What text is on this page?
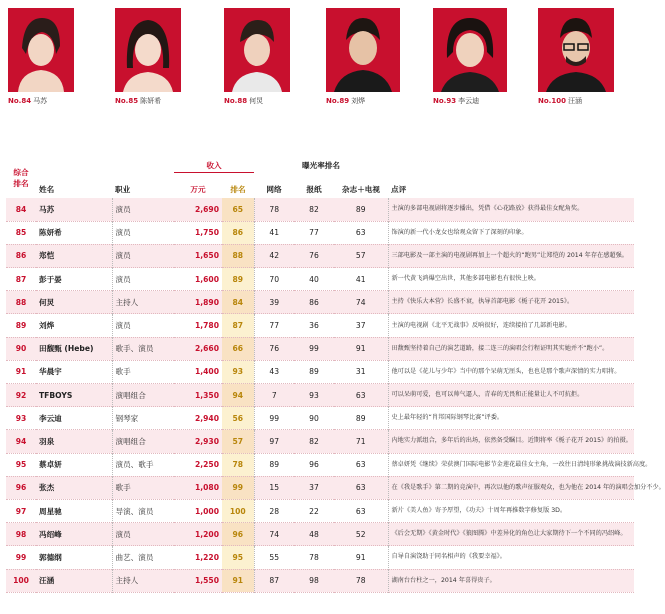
No.84 马苏	No.85 陈妍希	No.88 何炅	No.89 刘烨	No.93 李云迪	No.100 汪涵
综合
排名	姓名	职业	收入		曝光率排名			点评
			万元	排名	网络	报纸	杂志＋电视	
84	马苏	演员	2,690	65	78	82	89	主演的多部电视剧将逐步播出，凭借《心花路放》获得最佳女配角奖。
85	陈妍希	演员	1,750	86	41	77	63	饰演的新一代小龙女也给观众留下了深刻的印象。
86	郑恺	演员	1,650	88	42	76	57	三部电影及一部主演的电视剧再加上一个超火的“跑男”让郑恺的 2014 年存在感超强。
87	彭于晏	演员	1,600	89	70	40	41	新一代黄飞鸿爆空出世，其他多部电影也有很快上映。
88	何炅	主持人	1,890	84	39	86	74	主持《快乐大本营》长盛不衰，执导首部电影《栀子花开 2015》。
89	刘烨	演员	1,780	87	77	36	37	主演的电视剧《北平无战事》反响很好，连续接拍了几部新电影。
90	田馥甄 (Hebe)	歌手、演员	2,660	66	76	99	91	田馥甄坚持着自己的演艺道路，接二连三的演唱会行程证明其实她并不“跑小”。
91	华晨宇	歌手	1,400	93	43	89	31	他可以是《花儿与少年》当中的那个呆萌无厘头，也也是那个歌声深情的实力唱将。
92	TFBOYS	演唱组合	1,350	94	7	93	63	可以呆萌可爱，也可以帅气逼人，青春的无畏和正能量让人不可抗拒。
93	李云迪	钢琴家	2,940	56	99	90	89	史上最年轻的“肖邦国际钢琴比赛”评委。
94	羽泉	演唱组合	2,930	57	97	82	71	内地实力派组合，多年后的出场，依然备受瞩目。近期将率《栀子花开 2015》的拍摄。
95	蔡卓妍	演员、歌手	2,250	78	89	96	63	蔡卓妍凭《继续》荣获澳门国际电影节金莲花最佳女主角，一改往日清纯形象挑战演技新高度。
96	张杰	歌手	1,080	99	15	37	63	在《我是歌手》第二期的竞演中，再次以他的歌声征服观众，也为他在 2014 年的演唱会加分不少。
97	周星驰	导演、演员	1,000	100	28	22	63	新片《美人鱼》寄予厚望，《功夫》十周年再推数字修复版 3D。
98	冯绍峰	演员	1,200	96	74	48	52	《后会无期》《黄金时代》《狼图腾》中差异化的角色让大家期待下一个不同的冯绍峰。
99	郭德纲	曲艺、演员	1,220	95	55	78	91	自导自演饶助于同名相声的《我要幸福》。
100	汪涵	主持人	1,550	91	87	98	78	湖南台台柱之一，2014 年喜得贵子。
